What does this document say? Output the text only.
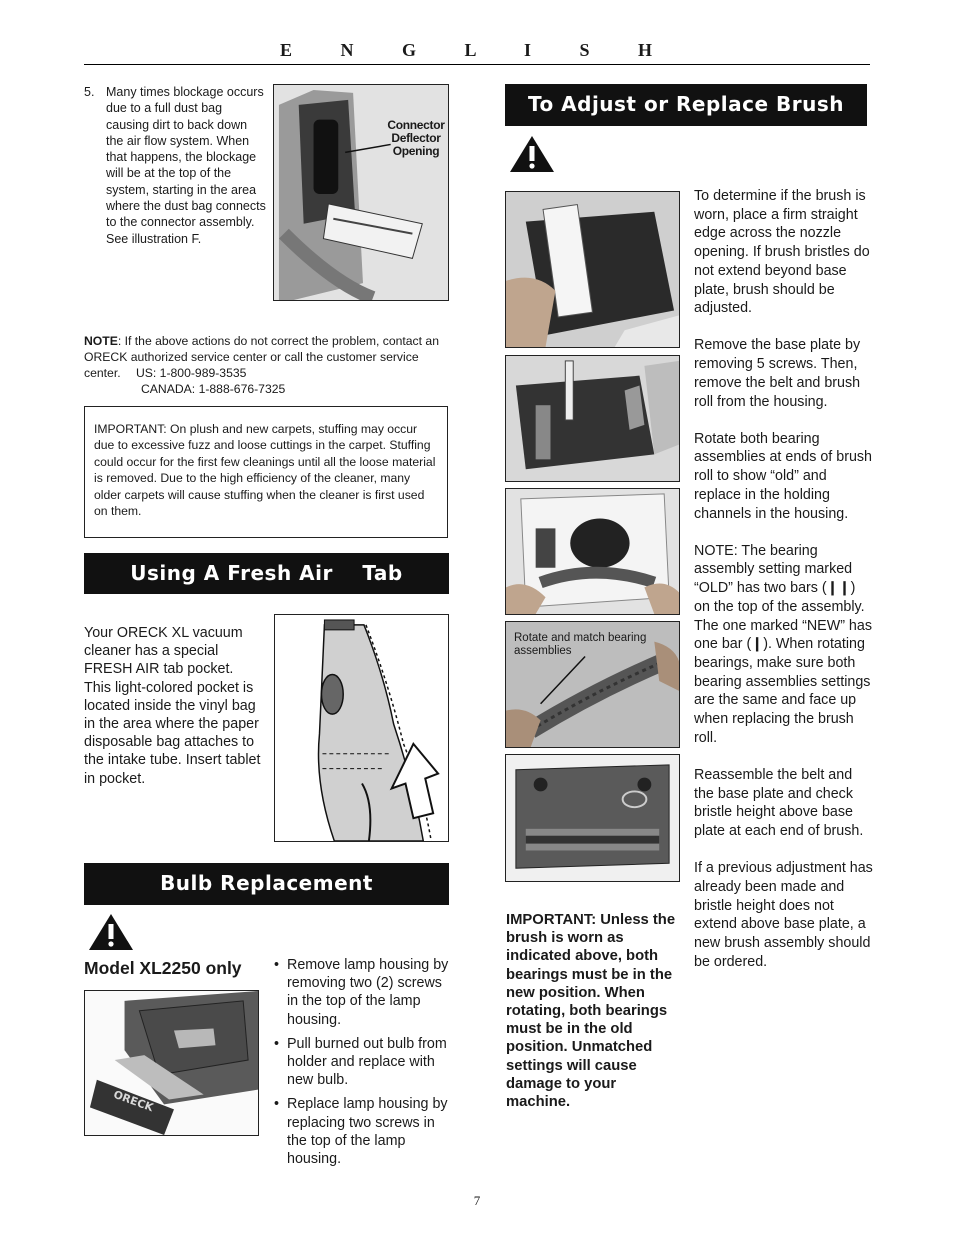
E N G L I S H
5. Many times blockage occurs due to a full dust bag causing dirt to back down the air flow system. When that happens, the blockage will be at the top of the system, starting in the area where the dust bag connects to the connector assembly. See illustration F.
Connector
Deflector
Opening
NOTE: If the above actions do not correct the problem, contact an ORECK authorized service center or call the customer service center. US: 1-800-989-3535
CANADA: 1-888-676-7325
IMPORTANT: On plush and new carpets, stuffing may occur due to excessive fuzz and loose cuttings in the carpet. Stuffing could occur for the first few cleanings until all the loose material is removed. Due to the high efficiency of the cleaner, many older carpets will cause stuffing when the cleaner is first used on them.
Using A Fresh Air Tab
Your ORECK XL vacuum cleaner has a special FRESH AIR tab pocket. This light-colored pocket is located inside the vinyl bag in the area where the paper disposable bag attaches to the intake tube. Insert tablet in pocket.
Bulb Replacement
Model XL2250 only
ORECK
• Remove lamp housing by removing two (2) screws in the top of the lamp housing.
• Pull burned out bulb from holder and replace with new bulb.
• Replace lamp housing by replacing two screws in the top of the lamp housing.
To Adjust or Replace Brush
Rotate and match bearing assemblies
IMPORTANT: Unless the brush is worn as indicated above, both bearings must be in the new position. When rotating, both bearings must be in the old position. Unmatched settings will cause damage to your machine.

To determine if the brush is worn, place a firm straight edge across the nozzle opening. If brush bristles do not extend beyond base plate, brush should be adjusted.

Remove the base plate by removing 5 screws. Then, remove the belt and brush roll from the housing.

Rotate both bearing assemblies at ends of brush roll to show “old” and replace in the holding channels in the housing.

NOTE: The bearing assembly setting marked “OLD” has two bars (❙❙) on the top of the assembly. The one marked “NEW” has one bar (❙). When rotating bearings, make sure both bearing assemblies settings are the same and face up when replacing the brush roll.

Reassemble the belt and the base plate and check bristle height above base plate at each end of brush.

If a previous adjustment has already been made and bristle height does not extend above base plate, a new brush assembly should be ordered.

7
